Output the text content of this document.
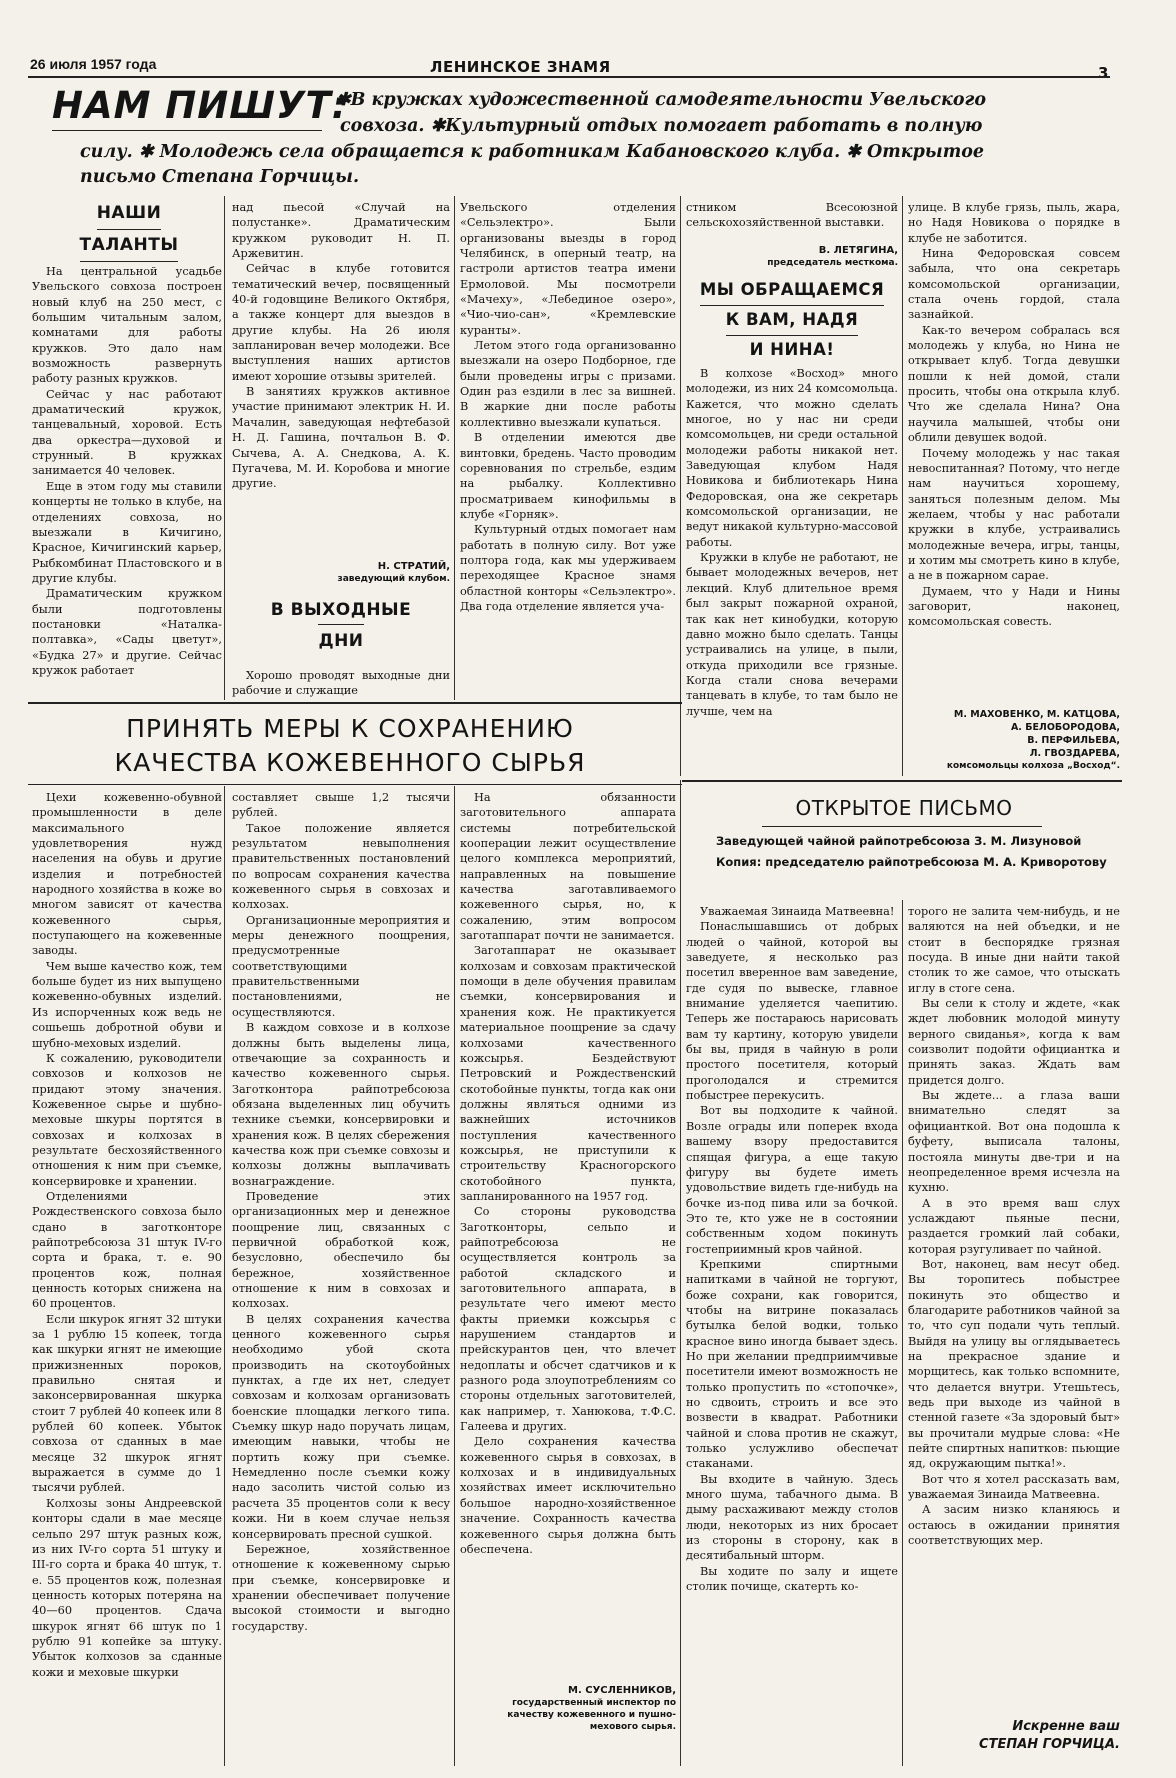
26 июля 1957 года	ЛЕНИНСКОЕ ЗНАМЯ	3
НАМ ПИШУТ:
✱В кружках художественной самодеятельности Увельского
совхоза. ✱Культурный отдых помогает работать в полную
силу. ✱ Молодежь села обращается к работникам Кабановского клуба. ✱ Открытое
письмо Степана Горчицы.
НАШИ
ТАЛАНТЫ

На центральной усадьбе Увельского совхоза построен новый клуб на 250 мест, с большим читальным залом, комнатами для работы кружков. Это дало нам возможность развернуть работу разных кружков.

Сейчас у нас работают драматический кружок, танцевальный, хоровой. Есть два оркестра—духовой и струнный. В кружках занимается 40 человек.

Еще в этом году мы ставили концерты не только в клубе, на отделениях совхоза, но выезжали в Кичигино, Красное, Кичигинский карьер, Рыбкомбинат Пластовского и в другие клубы.

Драматическим кружком были подготовлены постановки «Наталка-полтавка», «Сады цветут», «Будка 27» и другие. Сейчас кружок работает

над пьесой «Случай на полустанке». Драматическим кружком руководит Н. П. Аржевитин.

Сейчас в клубе готовится тематический вечер, посвященный 40-й годовщине Великого Октября, а также концерт для выездов в другие клубы. На 26 июля запланирован вечер молодежи. Все выступления наших артистов имеют хорошие отзывы зрителей.

В занятиях кружков активное участие принимают электрик Н. И. Мачалин, заведующая нефтебазой Н. Д. Гашина, почтальон В. Ф. Сычева, А. А. Снедкова, А. К. Пугачева, М. И. Коробова и многие другие.

Н. СТРАТИЙ,
заведующий клубом.
В ВЫХОДНЫЕ
ДНИ

Хорошо проводят выходные дни рабочие и служащие

Увельского отделения «Сельэлектро». Были организованы выезды в город Челябинск, в оперный театр, на гастроли артистов театра имени Ермоловой. Мы посмотрели «Мачеху», «Лебединое озеро», «Чио-чио-сан», «Кремлевские куранты».

Летом этого года организованно выезжали на озеро Подборное, где были проведены игры с призами. Один раз ездили в лес за вишней. В жаркие дни после работы коллективно выезжали купаться.

В отделении имеются две винтовки, бредень. Часто проводим соревнования по стрельбе, ездим на рыбалку. Коллективно просматриваем кинофильмы в клубе «Горняк».

Культурный отдых помогает нам работать в полную силу. Вот уже полтора года, как мы удерживаем переходящее Красное знамя областной конторы «Сельэлектро». Два года отделение является уча-

стником Всесоюзной сельскохозяйственной выставки.

В. ЛЕТЯГИНА,
председатель месткома.
МЫ ОБРАЩАЕМСЯ
К ВАМ, НАДЯ
И НИНА!

В колхозе «Восход» много молодежи, из них 24 комсомольца. Кажется, что можно сделать многое, но у нас ни среди комсомольцев, ни среди остальной молодежи работы никакой нет. Заведующая клубом Надя Новикова и библиотекарь Нина Федоровская, она же секретарь комсомольской организации, не ведут никакой культурно-массовой работы.

Кружки в клубе не работают, не бывает молодежных вечеров, нет лекций. Клуб длительное время был закрыт пожарной охраной, так как нет кинобудки, которую давно можно было сделать. Танцы устраивались на улице, в пыли, откуда приходили все грязные. Когда стали снова вечерами танцевать в клубе, то там было не лучше, чем на

улице. В клубе грязь, пыль, жара, но Надя Новикова о порядке в клубе не заботится.

Нина Федоровская совсем забыла, что она секретарь комсомольской организации, стала очень гордой, стала зазнайкой.

Как-то вечером собралась вся молодежь у клуба, но Нина не открывает клуб. Тогда девушки пошли к ней домой, стали просить, чтобы она открыла клуб. Что же сделала Нина? Она научила малышей, чтобы они облили девушек водой.

Почему молодежь у нас такая невоспитанная? Потому, что негде нам научиться хорошему, заняться полезным делом. Мы желаем, чтобы у нас работали кружки в клубе, устраивались молодежные вечера, игры, танцы, и хотим мы смотреть кино в клубе, а не в пожарном сарае.

Думаем, что у Нади и Нины заговорит, наконец, комсомольская совесть.

М. МАХОВЕНКО, М. КАТЦОВА,
А. БЕЛОБОРОДОВА,
В. ПЕРФИЛЬЕВА,
Л. ГВОЗДАРЕВА,
комсомольцы колхоза „Восход“.
ПРИНЯТЬ МЕРЫ К СОХРАНЕНИЮ
КАЧЕСТВА КОЖЕВЕННОГО СЫРЬЯ

Цехи кожевенно-обувной промышленности в деле максимального удовлетворения нужд населения на обувь и другие изделия и потребностей народного хозяйства в коже во многом зависят от качества кожевенного сырья, поступающего на кожевенные заводы.

Чем выше качество кож, тем больше будет из них выпущено кожевенно-обувных изделий. Из испорченных кож ведь не сошьешь добротной обуви и шубно-меховых изделий.

К сожалению, руководители совхозов и колхозов не придают этому значения. Кожевенное сырье и шубно-меховые шкуры портятся в совхозах и колхозах в результате бесхозяйственного отношения к ним при съемке, консервировке и хранении.

Отделениями Рождественского совхоза было сдано в заготконторе райпотребсоюза 31 штук IV-го сорта и брака, т. е. 90 процентов кож, полная ценность которых снижена на 60 процентов.

Если шкурок ягнят 32 штуки за 1 рублю 15 копеек, тогда как шкурки ягнят не имеющие прижизненных пороков, правильно снятая и законсервированная шкурка стоит 7 рублей 40 копеек или 8 рублей 60 копеек. Убыток совхоза от сданных в мае месяце 32 шкурок ягнят выражается в сумме до 1 тысячи рублей.

Колхозы зоны Андреевской конторы сдали в мае месяце сельпо 297 штук разных кож, из них IV-го сорта 51 штуку и III-го сорта и брака 40 штук, т. е. 55 процентов кож, полезная ценность которых потеряна на 40—60 процентов. Сдача шкурок ягнят 66 штук по 1 рублю 91 копейке за штуку. Убыток колхозов за сданные кожи и меховые шкурки

составляет свыше 1,2 тысячи рублей.

Такое положение является результатом невыполнения правительственных постановлений по вопросам сохранения качества кожевенного сырья в совхозах и колхозах.

Организационные мероприятия и меры денежного поощрения, предусмотренные соответствующими правительственными постановлениями, не осуществляются.

В каждом совхозе и в колхозе должны быть выделены лица, отвечающие за сохранность и качество кожевенного сырья. Заготконтора райпотребсоюза обязана выделенных лиц обучить технике съемки, консервировки и хранения кож. В целях сбережения качества кож при съемке совхозы и колхозы должны выплачивать вознаграждение.

Проведение этих организационных мер и денежное поощрение лиц, связанных с первичной обработкой кож, безусловно, обеспечило бы бережное, хозяйственное отношение к ним в совхозах и колхозах.

В целях сохранения качества ценного кожевенного сырья необходимо убой скота производить на скотоубойных пунктах, а где их нет, следует совхозам и колхозам организовать боенские площадки легкого типа. Съемку шкур надо поручать лицам, имеющим навыки, чтобы не портить кожу при съемке. Немедленно после съемки кожу надо засолить чистой солью из расчета 35 процентов соли к весу кожи. Ни в коем случае нельзя консервировать пресной сушкой.

Бережное, хозяйственное отношение к кожевенному сырью при съемке, консервировке и хранении обеспечивает получение высокой стоимости и выгодно государству.

На обязанности заготовительного аппарата системы потребительской кооперации лежит осуществление целого комплекса мероприятий, направленных на повышение качества заготавливаемого кожевенного сырья, но, к сожалению, этим вопросом заготаппарат почти не занимается.

Заготаппарат не оказывает колхозам и совхозам практической помощи в деле обучения правилам съемки, консервирования и хранения кож. Не практикуется материальное поощрение за сдачу колхозами качественного кожсырья. Бездействуют Петровский и Рождественский скотобойные пункты, тогда как они должны являться одними из важнейших источников поступления качественного кожсырья, не приступили к строительству Красногорского скотобойного пункта, запланированного на 1957 год.

Со стороны руководства Заготконторы, сельпо и райпотребсоюза не осуществляется контроль за работой складского и заготовительного аппарата, в результате чего имеют место факты приемки кожсырья с нарушением стандартов и прейскурантов цен, что влечет недоплаты и обсчет сдатчиков и к разного рода злоупотреблениям со стороны отдельных заготовителей, как например, т. Ханюкова, т.Ф.С. Галеева и других.

Дело сохранения качества кожевенного сырья в совхозах, в колхозах и в индивидуальных хозяйствах имеет исключительно большое народно-хозяйственное значение. Сохранность качества кожевенного сырья должна быть обеспечена.

М. СУСЛЕННИКОВ,
государственный инспектор по
качеству кожевенного и пушно-
мехового сырья.
ОТКРЫТОЕ ПИСЬМО
Заведующей чайной райпотребсоюза З. М. Лизуновой
Копия: председателю райпотребсоюза М. А. Криворотову

Уважаемая Зинаида Матвеевна!

Понаслышавшись от добрых людей о чайной, которой вы заведуете, я несколько раз посетил вверенное вам заведение, где судя по вывеске, главное внимание уделяется чаепитию. Теперь же постараюсь нарисовать вам ту картину, которую увидели бы вы, придя в чайную в роли простого посетителя, который проголодался и стремится побыстрее перекусить.

Вот вы подходите к чайной. Возле ограды или поперек входа вашему взору предоставится спящая фигура, а еще такую фигуру вы будете иметь удовольствие видеть где-нибудь на бочке из-под пива или за бочкой. Это те, кто уже не в состоянии собственным ходом покинуть гостеприимный кров чайной.

Крепкими спиртными напитками в чайной не торгуют, боже сохрани, как говорится, чтобы на витрине показалась бутылка белой водки, только красное вино иногда бывает здесь. Но при желании предприимчивые посетители имеют возможность не только пропустить по «стопочке», но сдвоить, строить и все это возвести в квадрат. Работники чайной и слова против не скажут, только услужливо обеспечат стаканами.

Вы входите в чайную. Здесь много шума, табачного дыма. В дыму расхаживают между столов люди, некоторых из них бросает из стороны в сторону, как в десятибальный шторм.

Вы ходите по залу и ищете столик почище, скатерть ко-

торого не залита чем-нибудь, и не валяются на ней объедки, и не стоит в беспорядке грязная посуда. В иные дни найти такой столик то же самое, что отыскать иглу в стоге сена.

Вы сели к столу и ждете, «как ждет любовник молодой минуту верного свиданья», когда к вам соизволит подойти официантка и принять заказ. Ждать вам придется долго.

Вы ждете... а глаза ваши внимательно следят за официанткой. Вот она подошла к буфету, выписала талоны, постояла минуты две-три и на неопределенное время исчезла на кухню.

А в это время ваш слух услаждают пьяные песни, раздается громкий лай собаки, которая рзугуливает по чайной.

Вот, наконец, вам несут обед. Вы торопитесь побыстрее покинуть это общество и благодарите работников чайной за то, что суп подали чуть теплый. Выйдя на улицу вы оглядываетесь на прекрасное здание и морщитесь, как только вспомните, что делается внутри. Утешьтесь, ведь при выходе из чайной в стенной газете «За здоровый быт» вы прочитали мудрые слова: «Не пейте спиртных напитков: пьющие яд, окружающим пытка!».

Вот что я хотел рассказать вам, уважаемая Зинаида Матвеевна.

А засим низко кланяюсь и остаюсь в ожидании принятия соответствующих мер.

Искренне ваш
СТЕПАН ГОРЧИЦА.
